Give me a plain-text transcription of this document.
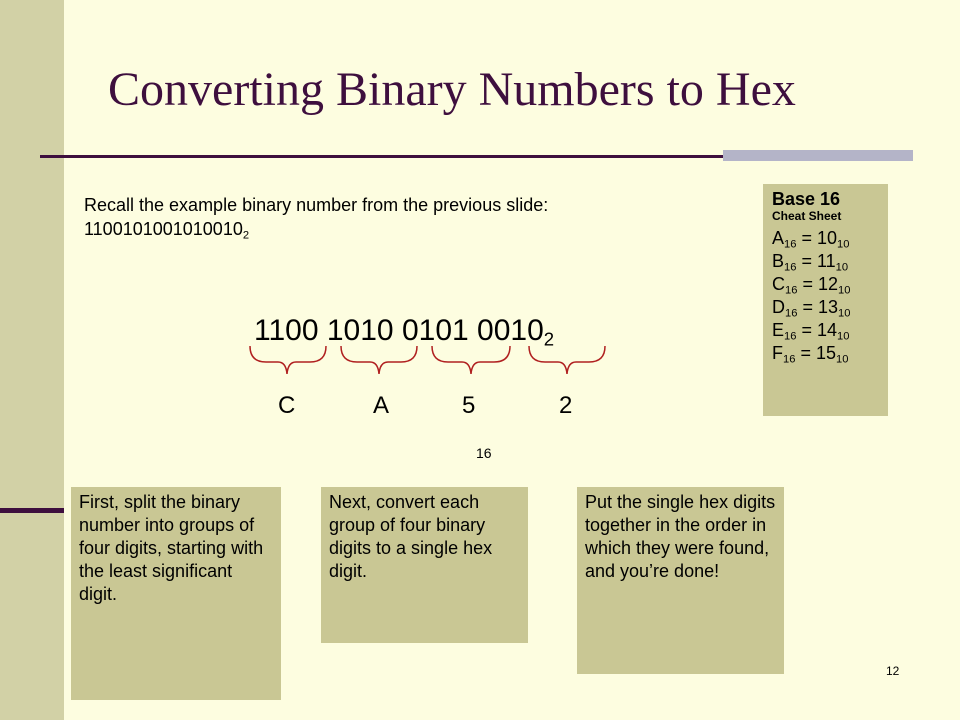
Converting Binary Numbers to Hex
Recall the example binary number from the previous slide:
$1100101001010010_2$
Base 16
Cheat Sheet
$A_{16} = 10_{10}$
$B_{16} = 11_{10}$
$C_{16} = 12_{10}$
$D_{16} = 13_{10}$
$E_{16} = 14_{10}$
$F_{16} = 15_{10}$
1100 1010 0101 $0010_2$
C	A	5	2
16
First, split the binary number into groups of four digits, starting with the least significant digit.
Next, convert each group of four binary digits to a single hex digit.
Put the single hex digits together in the order in which they were found, and you’re done!
12
